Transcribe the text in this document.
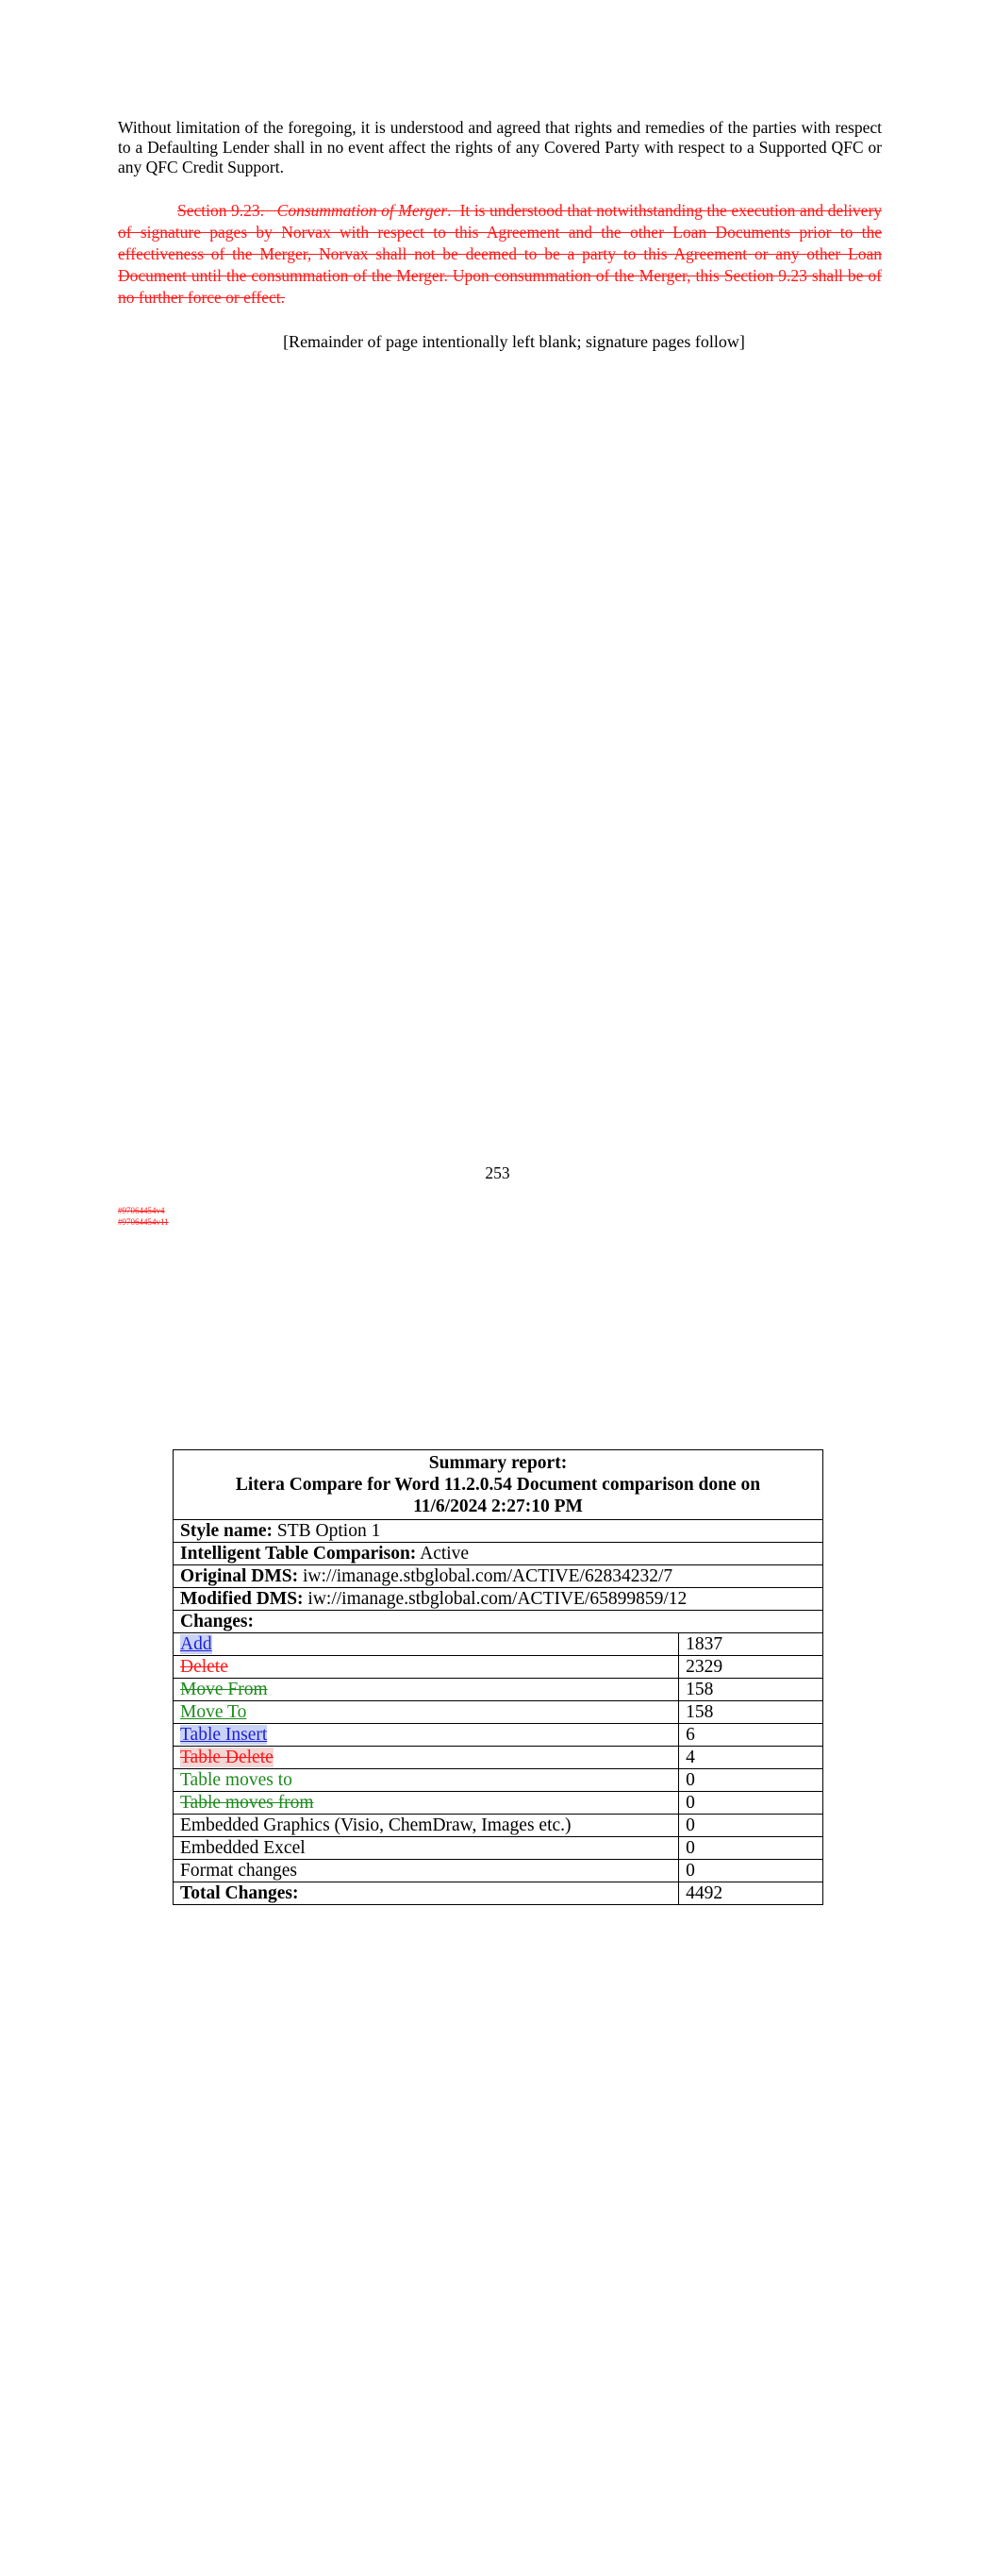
Without limitation of the foregoing, it is understood and agreed that rights and remedies of the parties with respect to a Defaulting Lender shall in no event affect the rights of any Covered Party with respect to a Supported QFC or any QFC Credit Support.

Section 9.23. Consummation of Merger. It is understood that notwithstanding the execution and delivery of signature pages by Norvax with respect to this Agreement and the other Loan Documents prior to the effectiveness of the Merger, Norvax shall not be deemed to be a party to this Agreement or any other Loan Document until the consummation of the Merger. Upon consummation of the Merger, this Section 9.23 shall be of no further force or effect.

[Remainder of page intentionally left blank; signature pages follow]

253
#97064454v4
#97064454v11
Summary report:
Litera Compare for Word 11.2.0.54 Document comparison done on
11/6/2024 2:27:10 PM	

Style name: STB Option 1	
Intelligent Table Comparison: Active	
Original DMS: iw://imanage.stbglobal.com/ACTIVE/62834232/7	
Modified DMS: iw://imanage.stbglobal.com/ACTIVE/65899859/12	
Changes:	
Add	1837
Delete	2329
Move From	158
Move To	158
Table Insert	6
Table Delete	4
Table moves to	0
Table moves from	0
Embedded Graphics (Visio, ChemDraw, Images etc.)	0
Embedded Excel	0
Format changes	0
Total Changes:	4492
